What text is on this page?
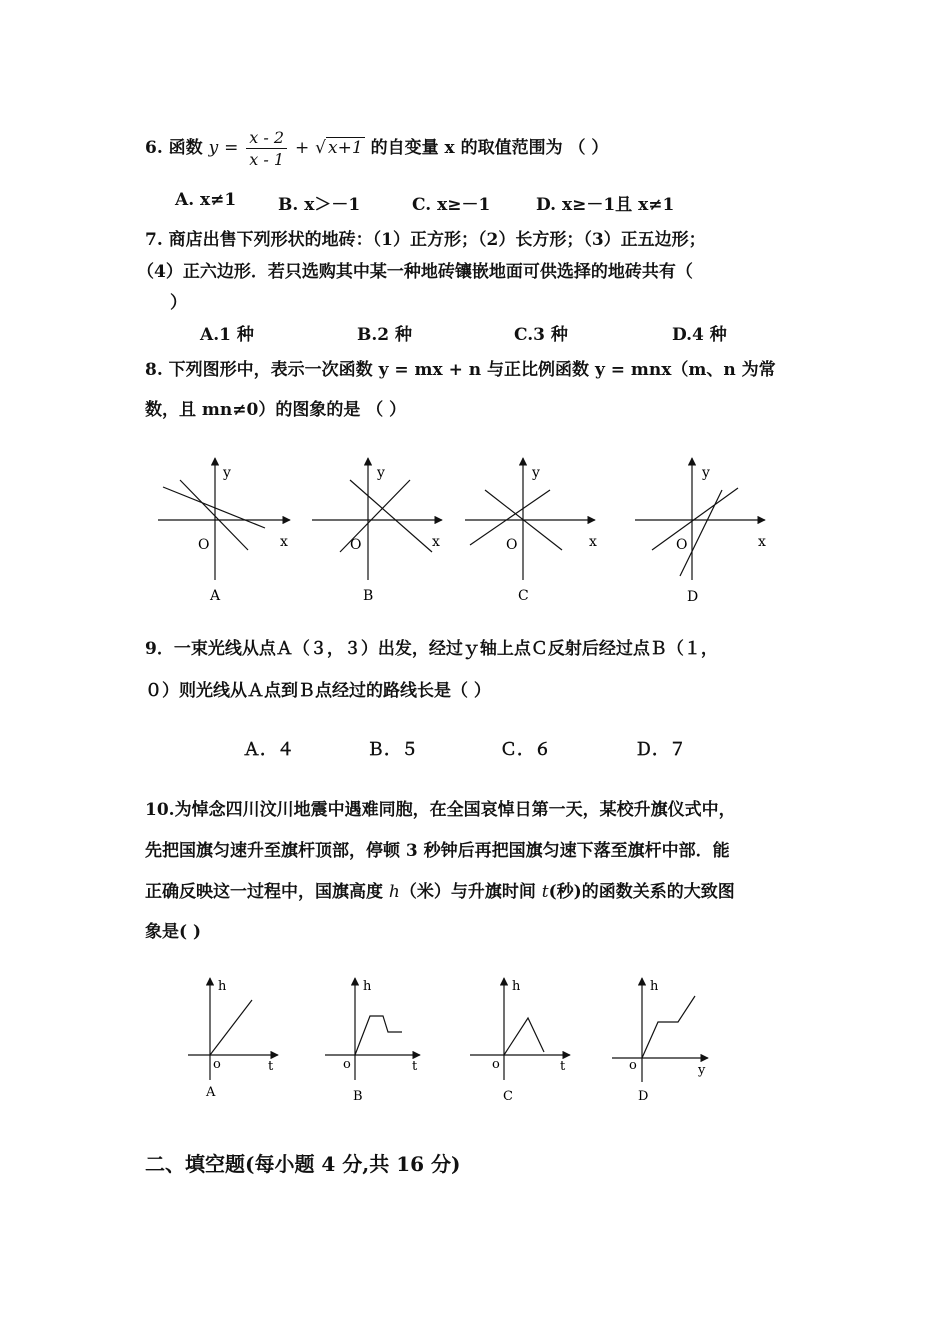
6. 函数 $y = \frac{x - 2}{x - 1}$ + √ x+1 的自变量 x 的取值范围为 （ ）
A. x≠1 B. x＞－1	C. x≥－1	D. x≥－1且 x≠1
7. 商店出售下列形状的地砖：（1）正方形；（2）长方形；（3）正五边形；
（4）正六边形．若只选购其中某一种地砖镶嵌地面可供选择的地砖共有（
）
A.1 种	B.2 种	C.3 种	D.4 种
8. 下列图形中，表示一次函数 y = mx + n 与正比例函数 y = mnx（m、n 为常
数，且 mn≠0）的图象的是 （ ）
y
x
O
A
y
x
O
B
y
x
O
C
y
x
O
D
9．一束光线从点Ａ（３，３）出发，经过ｙ轴上点Ｃ反射后经过点Ｂ（１，
０）则光线从Ａ点到Ｂ点经过的路线长是（ ）
Ａ．４	Ｂ．５	Ｃ．６	Ｄ．７
10.为悼念四川汶川地震中遇难同胞，在全国哀悼日第一天，某校升旗仪式中，
先把国旗匀速升至旗杆顶部，停顿 3 秒钟后再把国旗匀速下落至旗杆中部．能
正确反映这一过程中，国旗高度 h（米）与升旗时间 t(秒)的函数关系的大致图
象是( )
h
t
o
A
h
t
o
B
h
t
o
C
h
y
o
D
二、填空题(每小题 4 分,共 16 分)
